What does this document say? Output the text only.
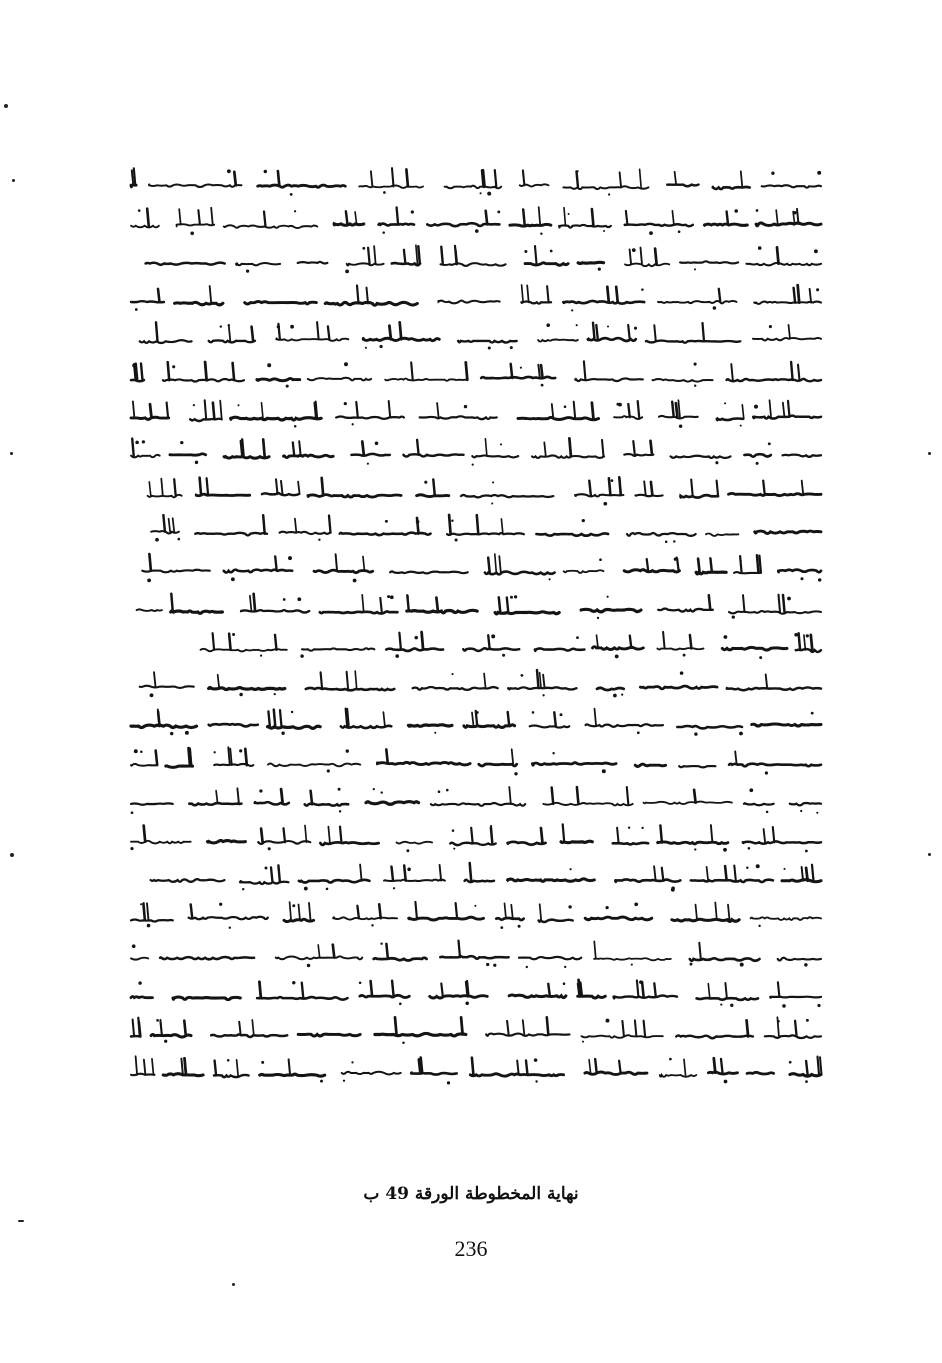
نهاية المخطوطة الورقة 49 ب
236
